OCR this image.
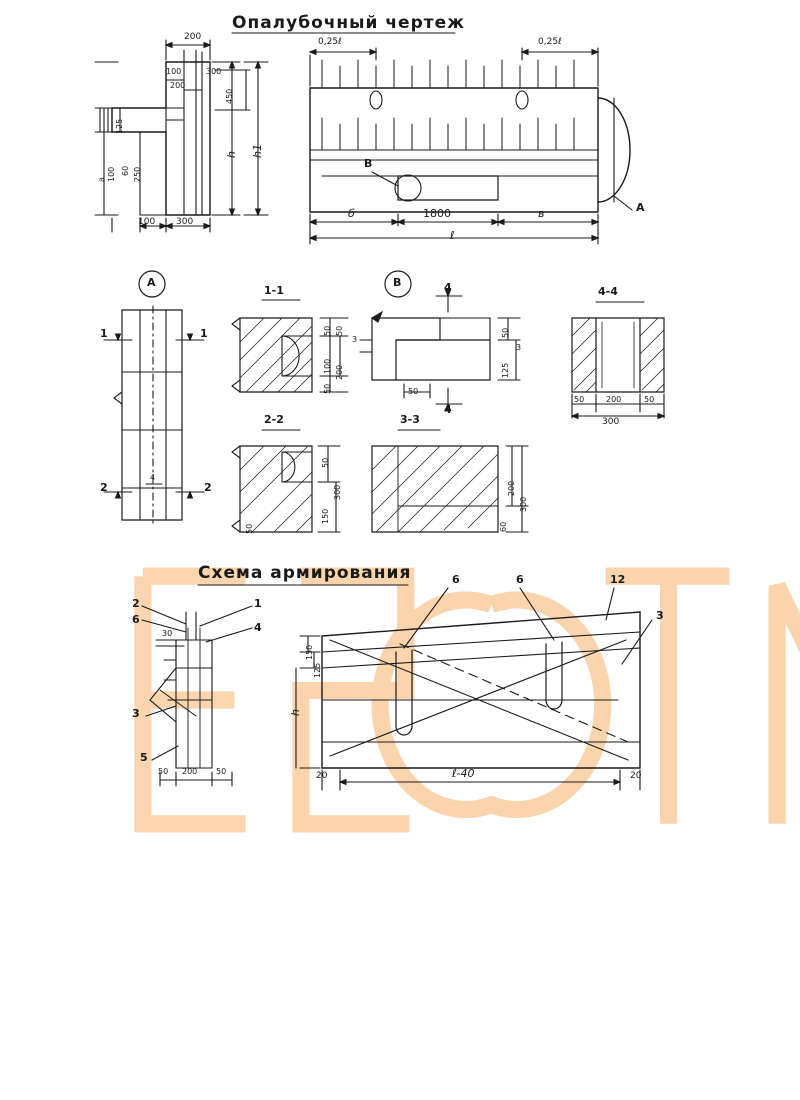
Опалубочный чертеж
Схема армирования
200
100
200
300
450
125
a 100 60 250
100 300
h h1
0,25ℓ	0,25ℓ
б	1800	в
ℓ
А
В
А	В
1-1
2-2	3-3
4-4
1	1
2	2
4
50
100
50
200
50
4
4
3
3
50
125
50
50	200	50
300
50
300
150
50
200
300
60
2
6
1
4
3
5
30
50 200 50
6	6	12
3
150
125
h
20	ℓ-40	20
